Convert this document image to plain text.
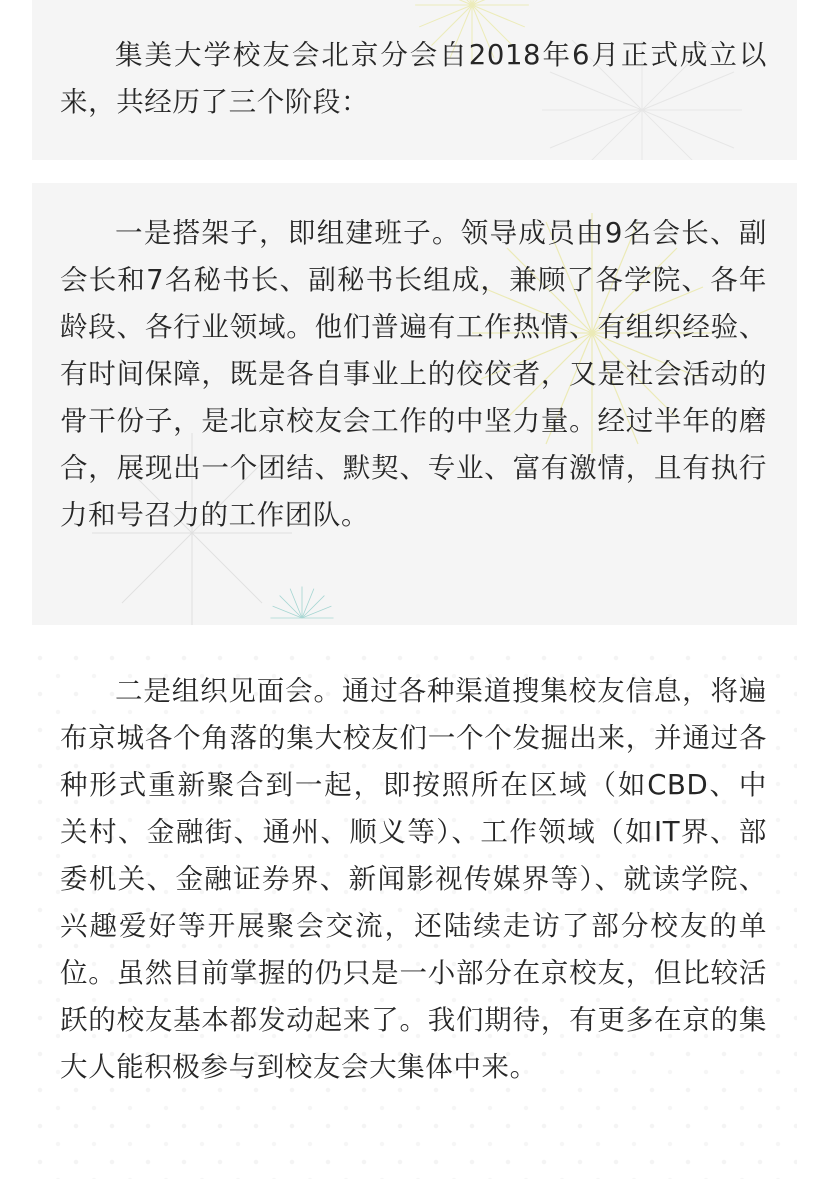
集美大学校友会北京分会自2018年6月正式成立以来，共经历了三个阶段：

一是搭架子，即组建班子。领导成员由9名会长、副会长和7名秘书长、副秘书长组成，兼顾了各学院、各年龄段、各行业领域。他们普遍有工作热情、有组织经验、有时间保障，既是各自事业上的佼佼者，又是社会活动的骨干份子，是北京校友会工作的中坚力量。经过半年的磨合，展现出一个团结、默契、专业、富有激情，且有执行力和号召力的工作团队。

二是组织见面会。通过各种渠道搜集校友信息，将遍布京城各个角落的集大校友们一个个发掘出来，并通过各种形式重新聚合到一起，即按照所在区域（如CBD、中关村、金融街、通州、顺义等）、工作领域（如IT界、部委机关、金融证券界、新闻影视传媒界等）、就读学院、兴趣爱好等开展聚会交流，还陆续走访了部分校友的单位。虽然目前掌握的仍只是一小部分在京校友，但比较活跃的校友基本都发动起来了。我们期待，有更多在京的集大人能积极参与到校友会大集体中来。
